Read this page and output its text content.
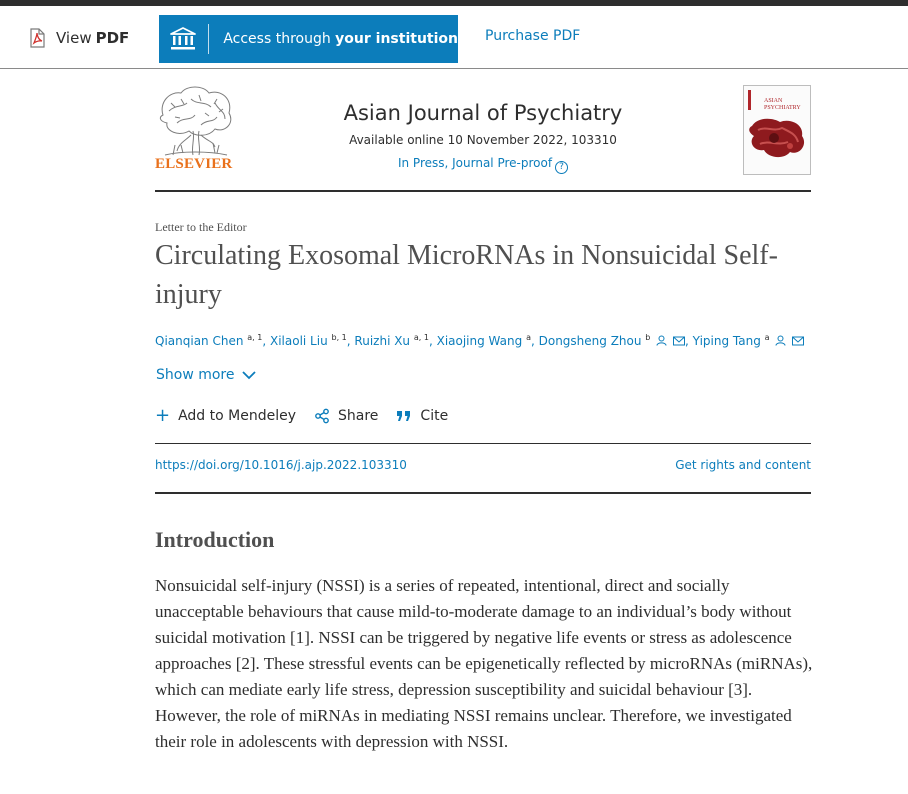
View PDF	Access through your institution Purchase PDF
ELSEVIER
Asian Journal of Psychiatry
Available online 10 November 2022, 103310
In Press, Journal Pre-proof ?
ASIAN
PSYCHIATRY
Letter to the Editor
Circulating Exosomal MicroRNAs in Nonsuicidal Self-injury
Qianqian Chen $^{a, 1}$, Xilaoli Liu $^{b, 1}$, Ruizhi Xu $^{a, 1}$, Xiaojing Wang $^a$, Dongsheng Zhou $^b$	, Yiping Tang $^a$
Show more
+ Add to Mendeley	Share	Cite
https://doi.org/10.1016/j.ajp.2022.103310	Get rights and content
Introduction

Nonsuicidal self-injury (NSSI) is a series of repeated, intentional, direct and socially unacceptable behaviours that cause mild-to-moderate damage to an individual’s body without suicidal motivation [1]. NSSI can be triggered by negative life events or stress as adolescence approaches [2]. These stressful events can be epigenetically reflected by microRNAs (miRNAs), which can mediate early life stress, depression susceptibility and suicidal behaviour [3]. However, the role of miRNAs in mediating NSSI remains unclear. Therefore, we investigated their role in adolescents with depression with NSSI.
